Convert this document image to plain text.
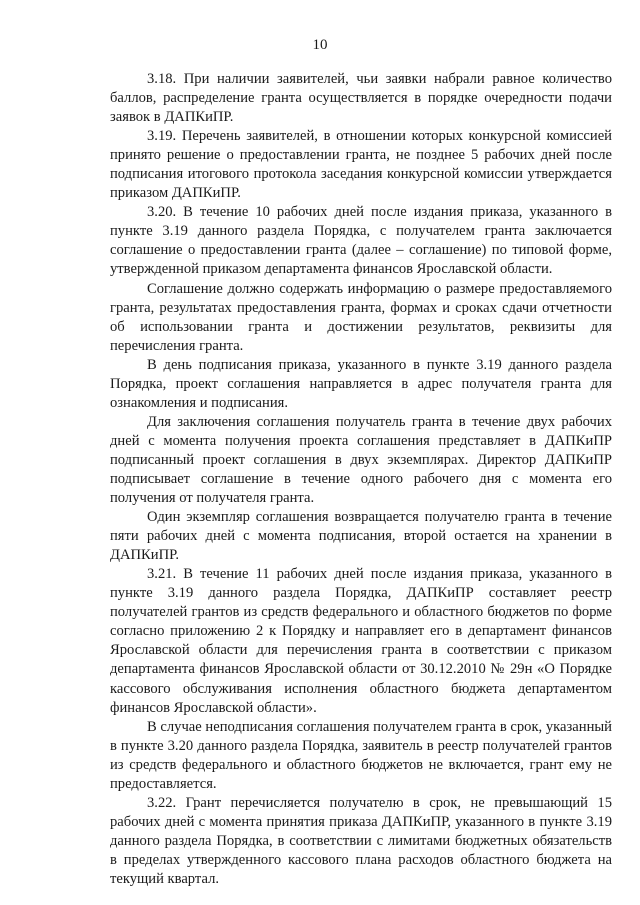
10

3.18. При наличии заявителей, чьи заявки набрали равное количество баллов, распределение гранта осуществляется в порядке очередности подачи заявок в ДАПКиПР.

3.19. Перечень заявителей, в отношении которых конкурсной комиссией принято решение о предоставлении гранта, не позднее 5 рабочих дней после подписания итогового протокола заседания конкурсной комиссии утверждается приказом ДАПКиПР.

3.20. В течение 10 рабочих дней после издания приказа, указанного в пункте 3.19 данного раздела Порядка, с получателем гранта заключается соглашение о предоставлении гранта (далее – соглашение) по типовой форме, утвержденной приказом департамента финансов Ярославской области.

Соглашение должно содержать информацию о размере предоставляемого гранта, результатах предоставления гранта, формах и сроках сдачи отчетности об использовании гранта и достижении результатов, реквизиты для перечисления гранта.

В день подписания приказа, указанного в пункте 3.19 данного раздела Порядка, проект соглашения направляется в адрес получателя гранта для ознакомления и подписания.

Для заключения соглашения получатель гранта в течение двух рабочих дней с момента получения проекта соглашения представляет в ДАПКиПР подписанный проект соглашения в двух экземплярах. Директор ДАПКиПР подписывает соглашение в течение одного рабочего дня с момента его получения от получателя гранта.

Один экземпляр соглашения возвращается получателю гранта в течение пяти рабочих дней с момента подписания, второй остается на хранении в ДАПКиПР.

3.21. В течение 11 рабочих дней после издания приказа, указанного в пункте 3.19 данного раздела Порядка, ДАПКиПР составляет реестр получателей грантов из средств федерального и областного бюджетов по форме согласно приложению 2 к Порядку и направляет его в департамент финансов Ярославской области для перечисления гранта в соответствии с приказом департамента финансов Ярославской области от 30.12.2010 № 29н «О Порядке кассового обслуживания исполнения областного бюджета департаментом финансов Ярославской области».

В случае неподписания соглашения получателем гранта в срок, указанный в пункте 3.20 данного раздела Порядка, заявитель в реестр получателей грантов из средств федерального и областного бюджетов не включается, грант ему не предоставляется.

3.22. Грант перечисляется получателю в срок, не превышающий 15 рабочих дней с момента принятия приказа ДАПКиПР, указанного в пункте 3.19 данного раздела Порядка, в соответствии с лимитами бюджетных обязательств в пределах утвержденного кассового плана расходов областного бюджета на текущий квартал.
